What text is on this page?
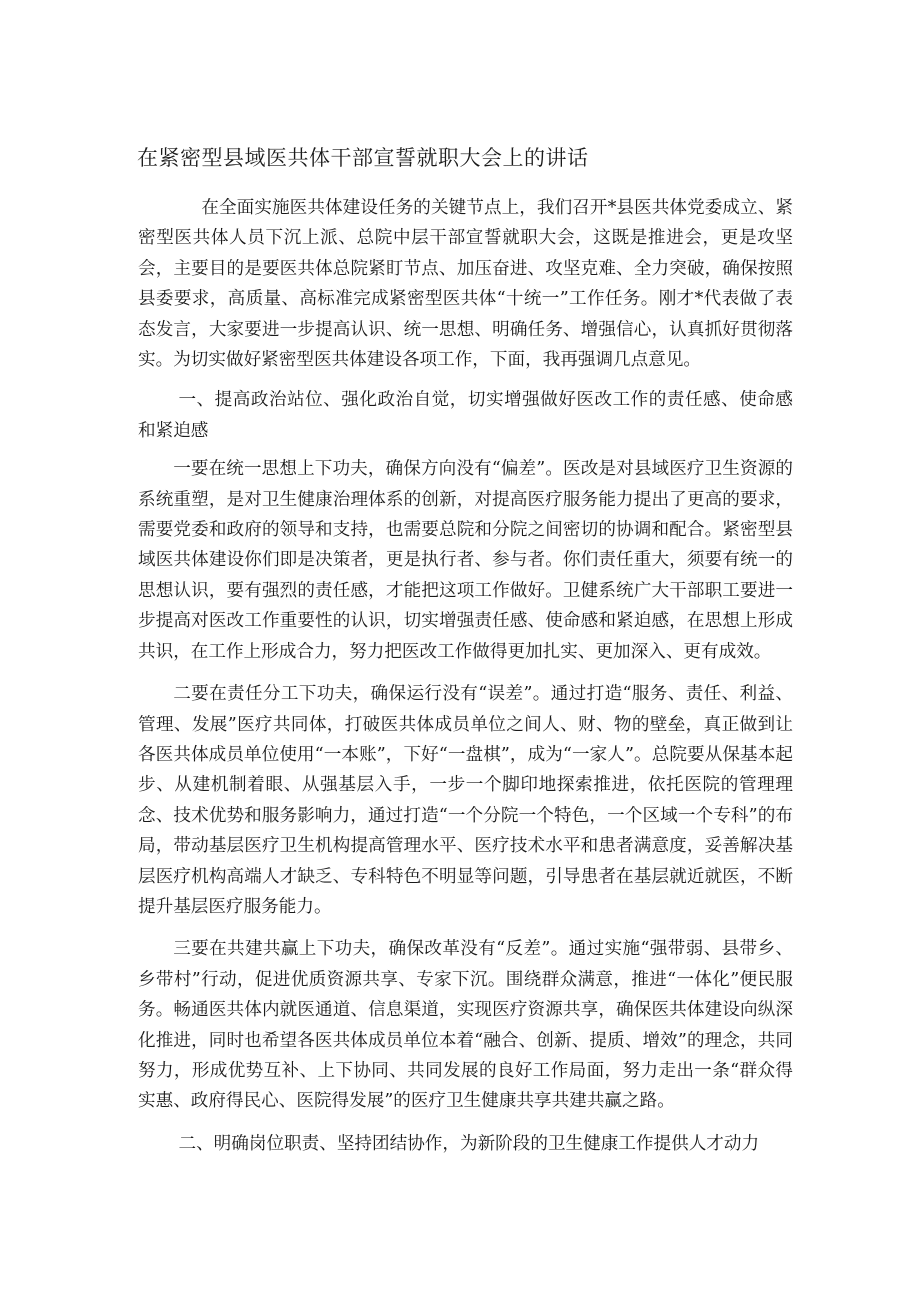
在紧密型县域医共体干部宣誓就职大会上的讲话

在全面实施医共体建设任务的关键节点上，我们召开*县医共体党委成立、紧密型医共体人员下沉上派、总院中层干部宣誓就职大会，这既是推进会，更是攻坚会，主要目的是要医共体总院紧盯节点、加压奋进、攻坚克难、全力突破，确保按照县委要求，高质量、高标准完成紧密型医共体“十统一”工作任务。刚才*代表做了表态发言，大家要进一步提高认识、统一思想、明确任务、增强信心，认真抓好贯彻落实。为切实做好紧密型医共体建设各项工作，下面，我再强调几点意见。

一、提高政治站位、强化政治自觉，切实增强做好医改工作的责任感、使命感和紧迫感

一要在统一思想上下功夫，确保方向没有“偏差”。医改是对县域医疗卫生资源的系统重塑，是对卫生健康治理体系的创新，对提高医疗服务能力提出了更高的要求，需要党委和政府的领导和支持，也需要总院和分院之间密切的协调和配合。紧密型县域医共体建设你们即是决策者，更是执行者、参与者。你们责任重大，须要有统一的思想认识，要有强烈的责任感，才能把这项工作做好。卫健系统广大干部职工要进一步提高对医改工作重要性的认识，切实增强责任感、使命感和紧迫感，在思想上形成共识，在工作上形成合力，努力把医改工作做得更加扎实、更加深入、更有成效。

二要在责任分工下功夫，确保运行没有“误差”。通过打造“服务、责任、利益、管理、发展”医疗共同体，打破医共体成员单位之间人、财、物的壁垒，真正做到让各医共体成员单位使用“一本账”，下好“一盘棋”，成为“一家人”。总院要从保基本起步、从建机制着眼、从强基层入手，一步一个脚印地探索推进，依托医院的管理理念、技术优势和服务影响力，通过打造“一个分院一个特色，一个区域一个专科”的布局，带动基层医疗卫生机构提高管理水平、医疗技术水平和患者满意度，妥善解决基层医疗机构高端人才缺乏、专科特色不明显等问题，引导患者在基层就近就医，不断提升基层医疗服务能力。

三要在共建共赢上下功夫，确保改革没有“反差”。通过实施“强带弱、县带乡、乡带村”行动，促进优质资源共享、专家下沉。围绕群众满意，推进“一体化”便民服务。畅通医共体内就医通道、信息渠道，实现医疗资源共享，确保医共体建设向纵深化推进，同时也希望各医共体成员单位本着“融合、创新、提质、增效”的理念，共同努力，形成优势互补、上下协同、共同发展的良好工作局面，努力走出一条“群众得实惠、政府得民心、医院得发展”的医疗卫生健康共享共建共赢之路。

二、明确岗位职责、坚持团结协作，为新阶段的卫生健康工作提供人才动力
